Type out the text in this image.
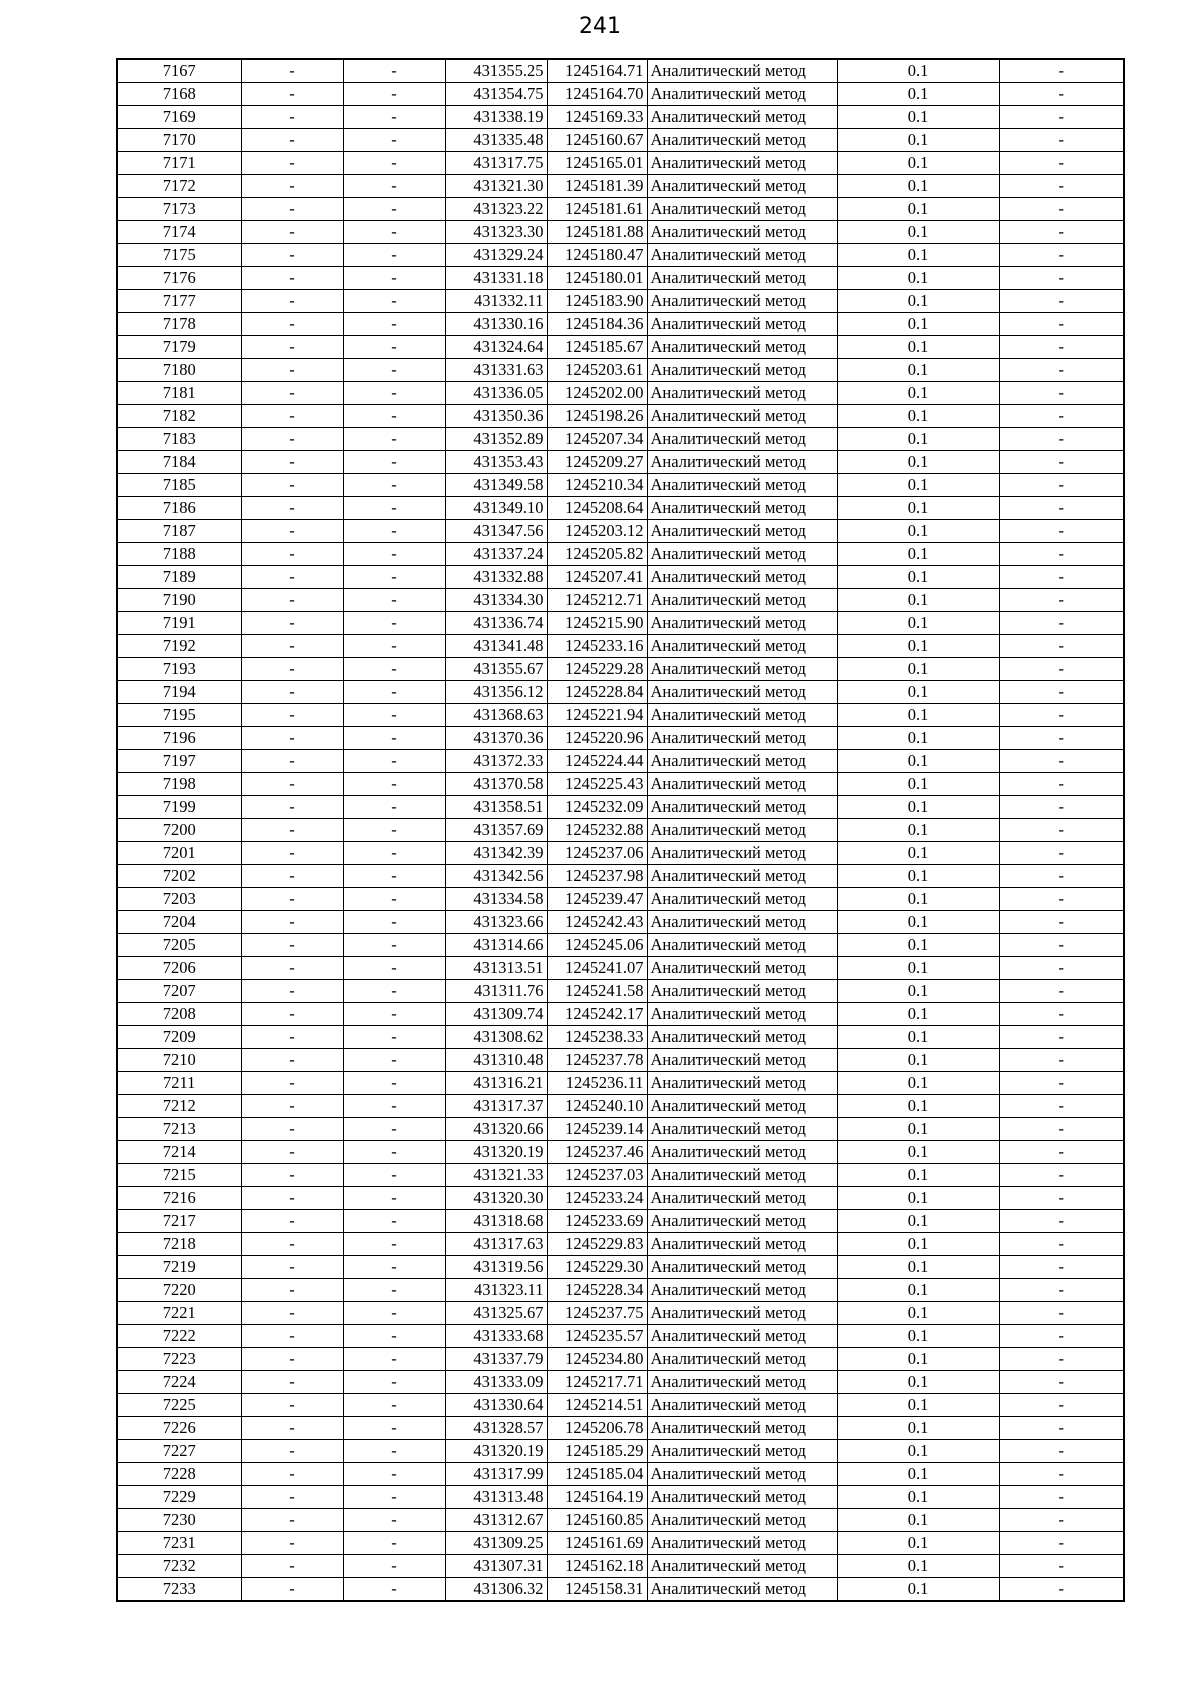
241
7167	-	-	431355.25	1245164.71	Аналитический метод	0.1	-
7168	-	-	431354.75	1245164.70	Аналитический метод	0.1	-
7169	-	-	431338.19	1245169.33	Аналитический метод	0.1	-
7170	-	-	431335.48	1245160.67	Аналитический метод	0.1	-
7171	-	-	431317.75	1245165.01	Аналитический метод	0.1	-
7172	-	-	431321.30	1245181.39	Аналитический метод	0.1	-
7173	-	-	431323.22	1245181.61	Аналитический метод	0.1	-
7174	-	-	431323.30	1245181.88	Аналитический метод	0.1	-
7175	-	-	431329.24	1245180.47	Аналитический метод	0.1	-
7176	-	-	431331.18	1245180.01	Аналитический метод	0.1	-
7177	-	-	431332.11	1245183.90	Аналитический метод	0.1	-
7178	-	-	431330.16	1245184.36	Аналитический метод	0.1	-
7179	-	-	431324.64	1245185.67	Аналитический метод	0.1	-
7180	-	-	431331.63	1245203.61	Аналитический метод	0.1	-
7181	-	-	431336.05	1245202.00	Аналитический метод	0.1	-
7182	-	-	431350.36	1245198.26	Аналитический метод	0.1	-
7183	-	-	431352.89	1245207.34	Аналитический метод	0.1	-
7184	-	-	431353.43	1245209.27	Аналитический метод	0.1	-
7185	-	-	431349.58	1245210.34	Аналитический метод	0.1	-
7186	-	-	431349.10	1245208.64	Аналитический метод	0.1	-
7187	-	-	431347.56	1245203.12	Аналитический метод	0.1	-
7188	-	-	431337.24	1245205.82	Аналитический метод	0.1	-
7189	-	-	431332.88	1245207.41	Аналитический метод	0.1	-
7190	-	-	431334.30	1245212.71	Аналитический метод	0.1	-
7191	-	-	431336.74	1245215.90	Аналитический метод	0.1	-
7192	-	-	431341.48	1245233.16	Аналитический метод	0.1	-
7193	-	-	431355.67	1245229.28	Аналитический метод	0.1	-
7194	-	-	431356.12	1245228.84	Аналитический метод	0.1	-
7195	-	-	431368.63	1245221.94	Аналитический метод	0.1	-
7196	-	-	431370.36	1245220.96	Аналитический метод	0.1	-
7197	-	-	431372.33	1245224.44	Аналитический метод	0.1	-
7198	-	-	431370.58	1245225.43	Аналитический метод	0.1	-
7199	-	-	431358.51	1245232.09	Аналитический метод	0.1	-
7200	-	-	431357.69	1245232.88	Аналитический метод	0.1	-
7201	-	-	431342.39	1245237.06	Аналитический метод	0.1	-
7202	-	-	431342.56	1245237.98	Аналитический метод	0.1	-
7203	-	-	431334.58	1245239.47	Аналитический метод	0.1	-
7204	-	-	431323.66	1245242.43	Аналитический метод	0.1	-
7205	-	-	431314.66	1245245.06	Аналитический метод	0.1	-
7206	-	-	431313.51	1245241.07	Аналитический метод	0.1	-
7207	-	-	431311.76	1245241.58	Аналитический метод	0.1	-
7208	-	-	431309.74	1245242.17	Аналитический метод	0.1	-
7209	-	-	431308.62	1245238.33	Аналитический метод	0.1	-
7210	-	-	431310.48	1245237.78	Аналитический метод	0.1	-
7211	-	-	431316.21	1245236.11	Аналитический метод	0.1	-
7212	-	-	431317.37	1245240.10	Аналитический метод	0.1	-
7213	-	-	431320.66	1245239.14	Аналитический метод	0.1	-
7214	-	-	431320.19	1245237.46	Аналитический метод	0.1	-
7215	-	-	431321.33	1245237.03	Аналитический метод	0.1	-
7216	-	-	431320.30	1245233.24	Аналитический метод	0.1	-
7217	-	-	431318.68	1245233.69	Аналитический метод	0.1	-
7218	-	-	431317.63	1245229.83	Аналитический метод	0.1	-
7219	-	-	431319.56	1245229.30	Аналитический метод	0.1	-
7220	-	-	431323.11	1245228.34	Аналитический метод	0.1	-
7221	-	-	431325.67	1245237.75	Аналитический метод	0.1	-
7222	-	-	431333.68	1245235.57	Аналитический метод	0.1	-
7223	-	-	431337.79	1245234.80	Аналитический метод	0.1	-
7224	-	-	431333.09	1245217.71	Аналитический метод	0.1	-
7225	-	-	431330.64	1245214.51	Аналитический метод	0.1	-
7226	-	-	431328.57	1245206.78	Аналитический метод	0.1	-
7227	-	-	431320.19	1245185.29	Аналитический метод	0.1	-
7228	-	-	431317.99	1245185.04	Аналитический метод	0.1	-
7229	-	-	431313.48	1245164.19	Аналитический метод	0.1	-
7230	-	-	431312.67	1245160.85	Аналитический метод	0.1	-
7231	-	-	431309.25	1245161.69	Аналитический метод	0.1	-
7232	-	-	431307.31	1245162.18	Аналитический метод	0.1	-
7233	-	-	431306.32	1245158.31	Аналитический метод	0.1	-
